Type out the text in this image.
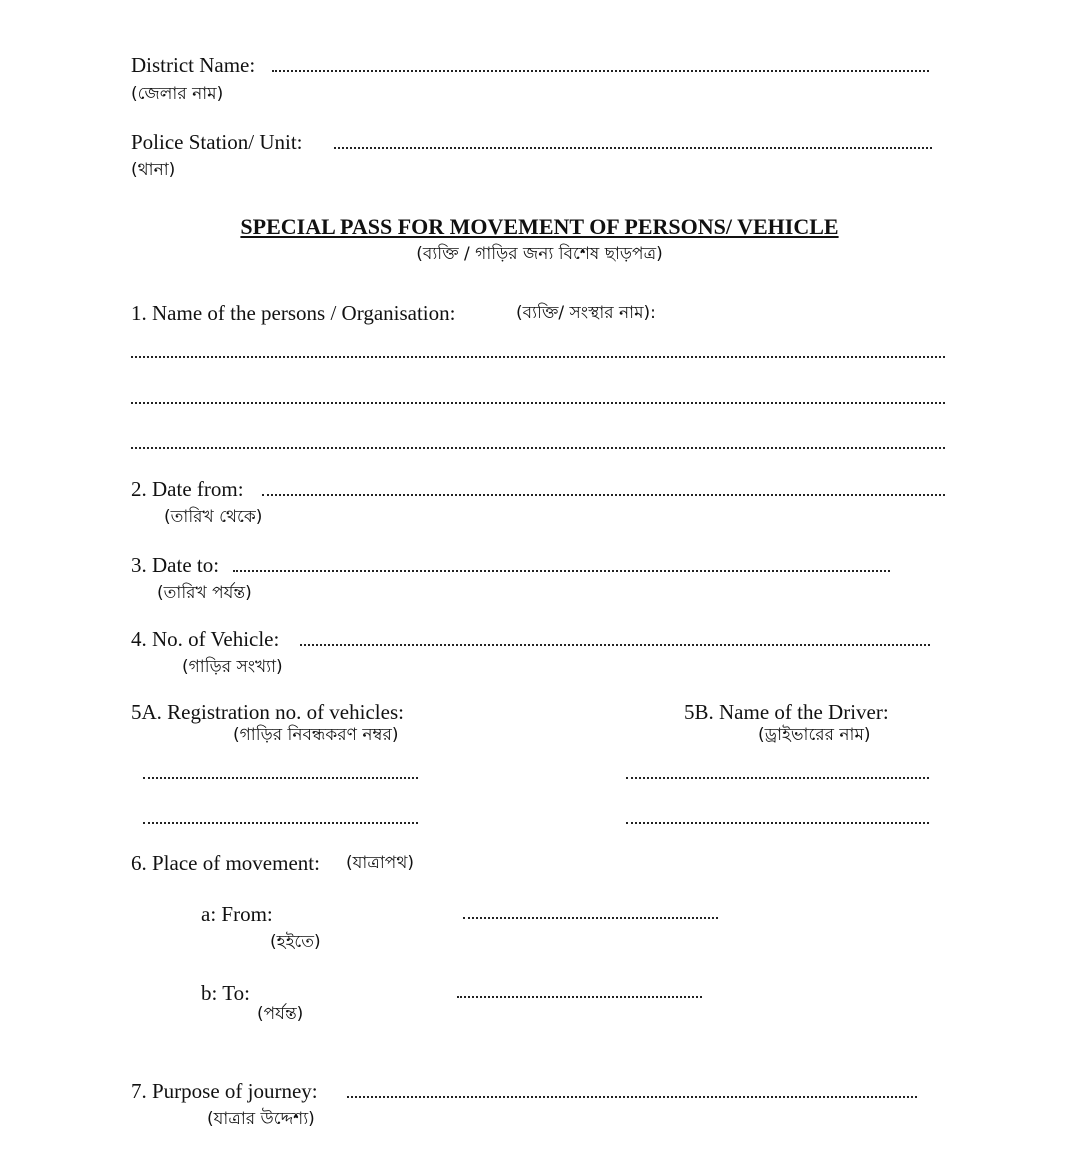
District Name:
(জেলার নাম)
Police Station/ Unit:
(থানা)
SPECIAL PASS FOR MOVEMENT OF PERSONS/ VEHICLE
(ব্যক্তি / গাড়ির জন্য বিশেষ ছাড়পত্র)
1. Name of the persons / Organisation:	(ব্যক্তি/ সংস্থার নাম):
2. Date from:
(তারিখ থেকে)
3. Date to:
(তারিখ পর্যন্ত)
4. No. of Vehicle:
(গাড়ির সংখ্যা)
5A. Registration no. of vehicles:
(গাড়ির নিবন্ধকরণ নম্বর)
5B. Name of the Driver:
(ড্রাইভারের নাম)
6. Place of movement: (যাত্রাপথ)
a: From:
(হইতে)
b: To:
(পর্যন্ত)
7. Purpose of journey:
(যাত্রার উদ্দেশ্য)
